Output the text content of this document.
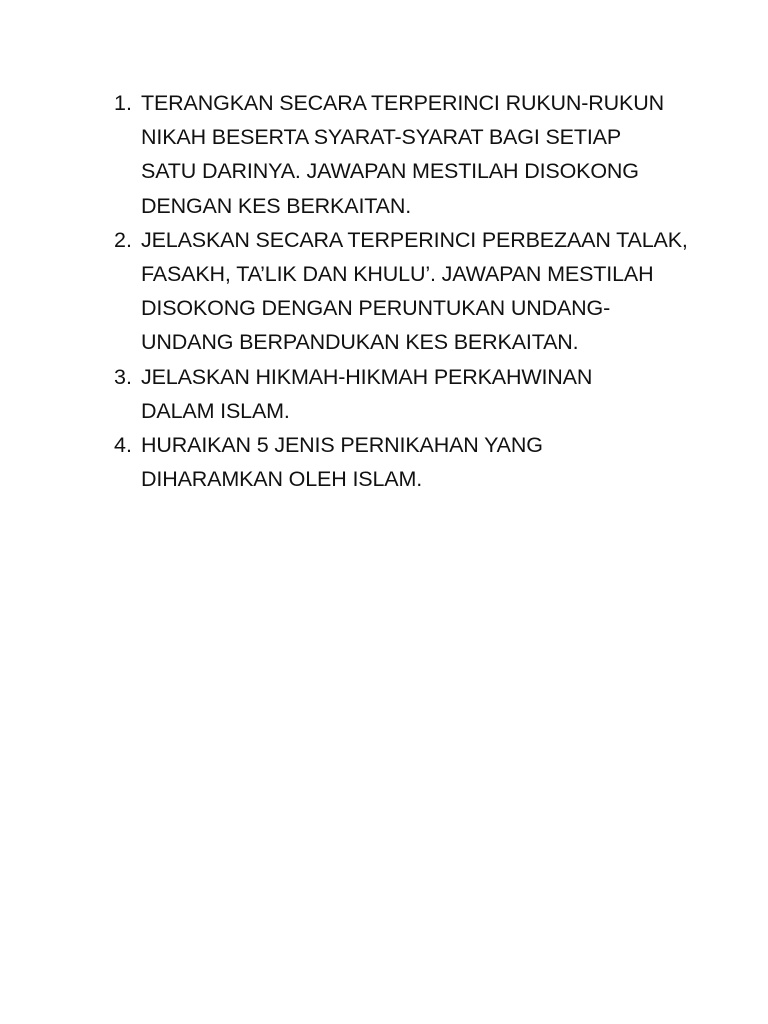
1. TERANGKAN SECARA TERPERINCI RUKUN-RUKUN
NIKAH BESERTA SYARAT-SYARAT BAGI SETIAP
SATU DARINYA. JAWAPAN MESTILAH DISOKONG
DENGAN KES BERKAITAN.
2. JELASKAN SECARA TERPERINCI PERBEZAAN TALAK,
FASAKH, TA’LIK DAN KHULU’. JAWAPAN MESTILAH
DISOKONG DENGAN PERUNTUKAN UNDANG-
UNDANG BERPANDUKAN KES BERKAITAN.
3. JELASKAN HIKMAH-HIKMAH PERKAHWINAN
DALAM ISLAM.
4. HURAIKAN 5 JENIS PERNIKAHAN YANG
DIHARAMKAN OLEH ISLAM.
